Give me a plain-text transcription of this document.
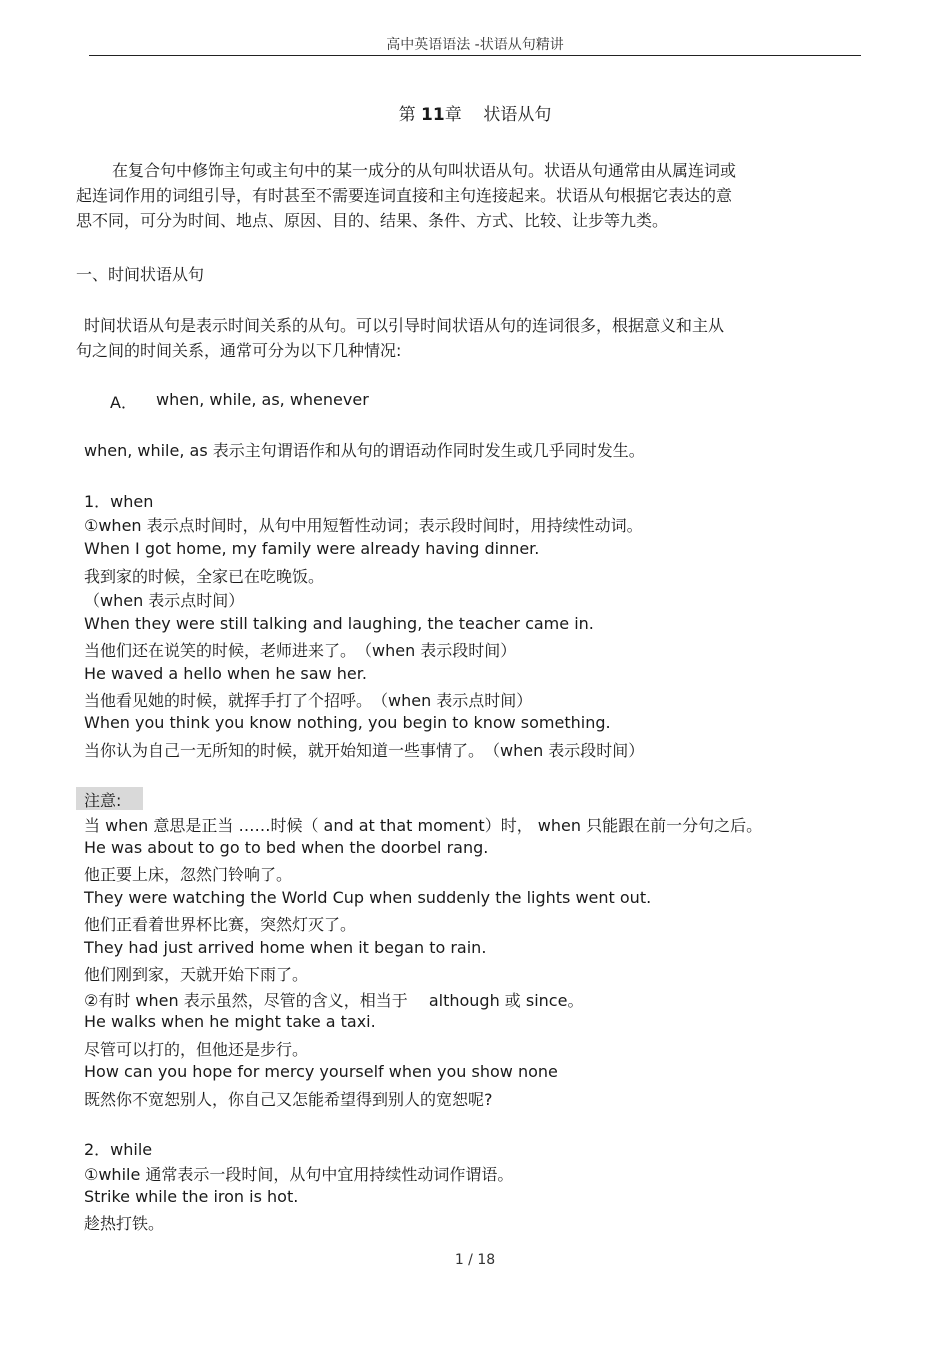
高中英语语法 -状语从句精讲
第 11章 状语从句
在复合句中修饰主句或主句中的某一成分的从句叫状语从句。状语从句通常由从属连词或
起连词作用的词组引导，有时甚至不需要连词直接和主句连接起来。状语从句根据它表达的意
思不同，可分为时间、地点、原因、目的、结果、条件、方式、比较、让步等九类。
一、时间状语从句
时间状语从句是表示时间关系的从句。可以引导时间状语从句的连词很多，根据意义和主从
句之间的时间关系，通常可分为以下几种情况:
A． when, while, as, whenever
when, while, as 表示主句谓语作和从句的谓语动作同时发生或几乎同时发生。
1．when
①when 表示点时间时，从句中用短暂性动词；表示段时间时，用持续性动词。
When I got home, my family were already having dinner.
我到家的时候，全家已在吃晚饭。
（when 表示点时间）
When they were still talking and laughing, the teacher came in.
当他们还在说笑的时候，老师进来了。　（when 表示段时间）
He waved a hello when he saw her.
当他看见她的时候，就挥手打了个招呼。　（when 表示点时间）
When you think you know nothing, you begin to know something.
当你认为自己一无所知的时候，就开始知道一些事情了。　（when 表示段时间）
注意:
当 when 意思是正当 ……时候（ and at that moment）时， when 只能跟在前一分句之后。
He was about to go to bed when the doorbel rang.
他正要上床，忽然门铃响了。
They were watching the World Cup when suddenly the lights went out.
他们正看着世界杯比赛，突然灯灭了。
They had just arrived home when it began to rain.
他们刚到家，天就开始下雨了。
②有时 when 表示虽然，尽管的含义，相当于　 although 或 since。
He walks when he might take a taxi.
尽管可以打的，但他还是步行。
How can you hope for mercy yourself when you show none
既然你不宽恕别人，你自己又怎能希望得到别人的宽恕呢?
2．while
①while 通常表示一段时间，从句中宜用持续性动词作谓语。
Strike while the iron is hot.
趁热打铁。
1 / 18
